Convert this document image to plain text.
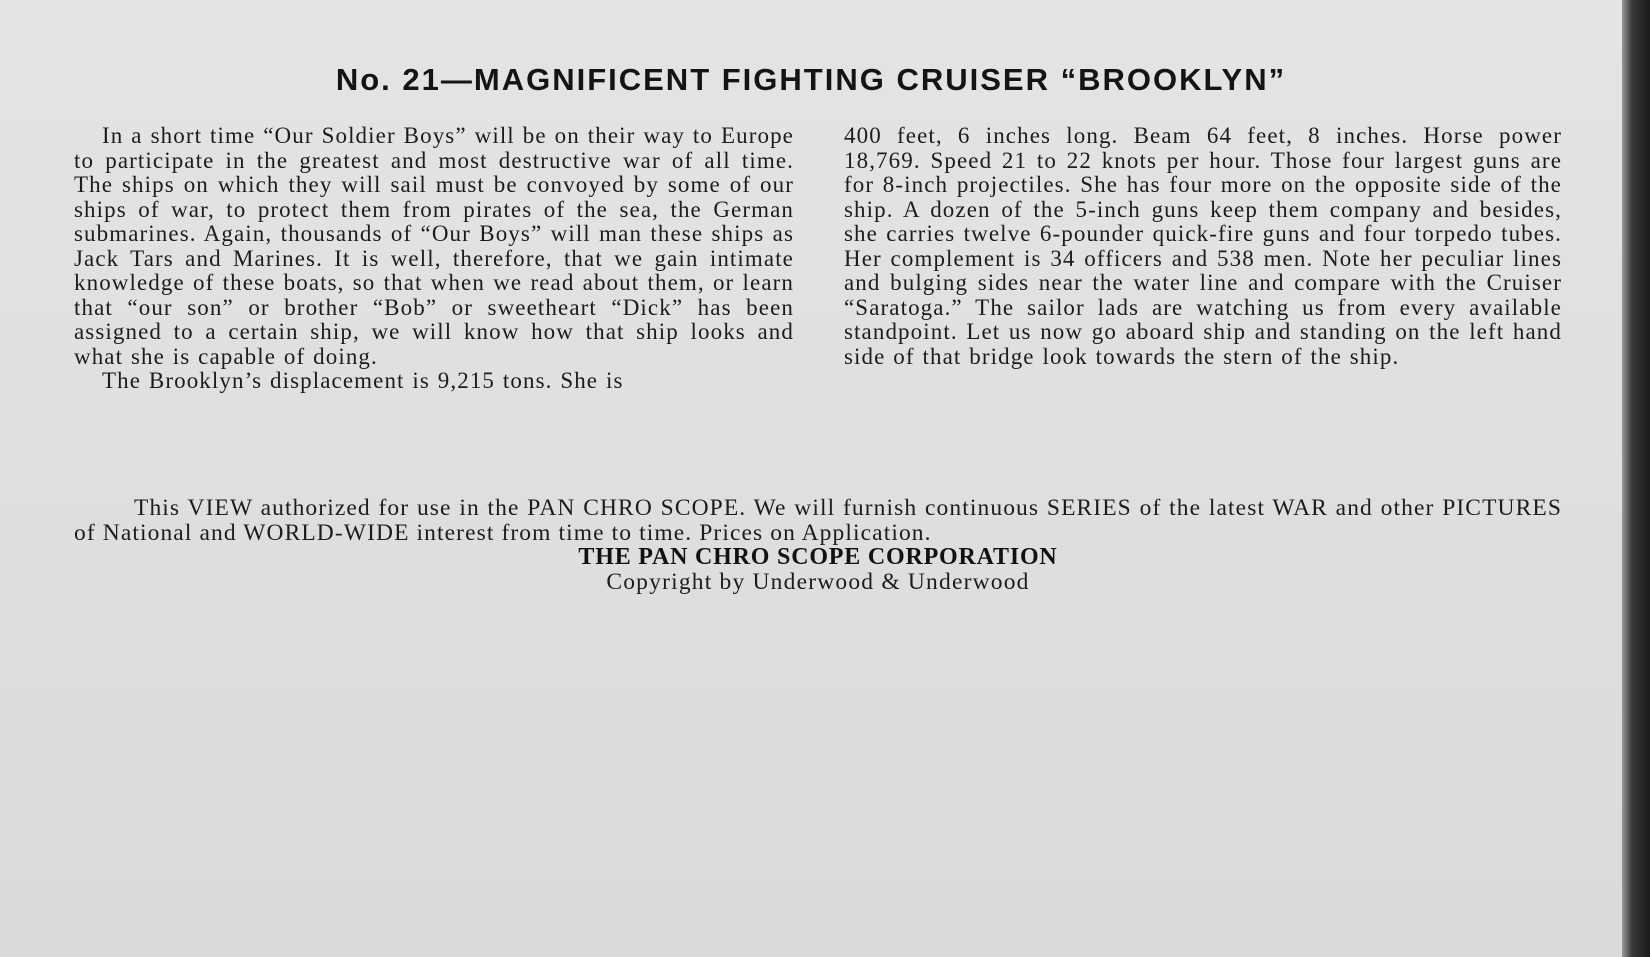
No. 21—MAGNIFICENT FIGHTING CRUISER “BROOKLYN”

In a short time “Our Soldier Boys” will be on their way to Europe to participate in the greatest and most destructive war of all time. The ships on which they will sail must be convoyed by some of our ships of war, to protect them from pirates of the sea, the German submarines. Again, thousands of “Our Boys” will man these ships as Jack Tars and Marines. It is well, therefore, that we gain intimate knowledge of these boats, so that when we read about them, or learn that “our son” or brother “Bob” or sweetheart “Dick” has been assigned to a certain ship, we will know how that ship looks and what she is capable of doing.

The Brooklyn’s displacement is 9,215 tons. She is

400 feet, 6 inches long. Beam 64 feet, 8 inches. Horse power 18,769. Speed 21 to 22 knots per hour. Those four largest guns are for 8-inch projectiles. She has four more on the opposite side of the ship. A dozen of the 5-inch guns keep them company and besides, she carries twelve 6-pounder quick-fire guns and four torpedo tubes. Her complement is 34 officers and 538 men. Note her peculiar lines and bulging sides near the water line and compare with the Cruiser “Saratoga.” The sailor lads are watching us from every available standpoint. Let us now go aboard ship and standing on the left hand side of that bridge look towards the stern of the ship.

This VIEW authorized for use in the PAN CHRO SCOPE. We will furnish continuous SERIES of the latest WAR and other PICTURES of National and WORLD-WIDE interest from time to time. Prices on Application.

THE PAN CHRO SCOPE CORPORATION

Copyright by Underwood & Underwood
